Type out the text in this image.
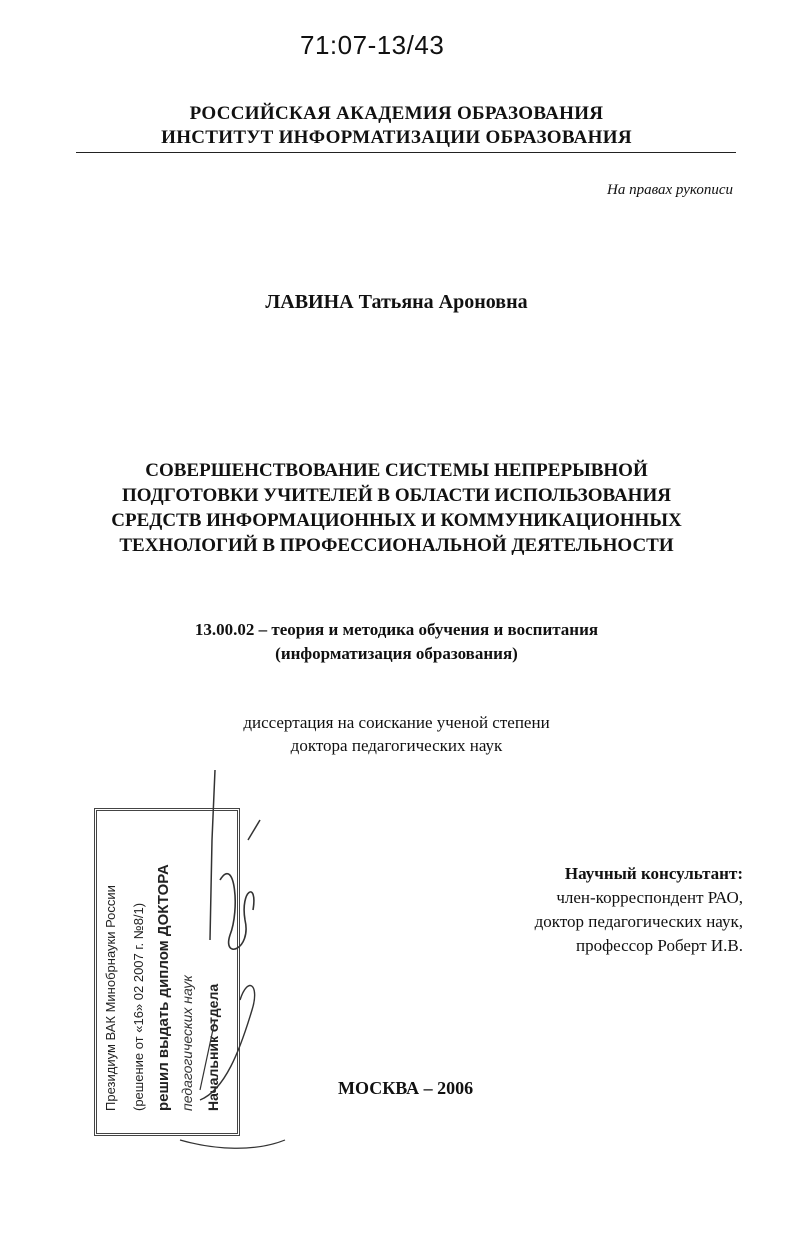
71:07-13/43
РОССИЙСКАЯ АКАДЕМИЯ ОБРАЗОВАНИЯ
ИНСТИТУТ ИНФОРМАТИЗАЦИИ ОБРАЗОВАНИЯ
На правах рукописи
ЛАВИНА Татьяна Ароновна
СОВЕРШЕНСТВОВАНИЕ СИСТЕМЫ НЕПРЕРЫВНОЙ
ПОДГОТОВКИ УЧИТЕЛЕЙ В ОБЛАСТИ ИСПОЛЬЗОВАНИЯ
СРЕДСТВ ИНФОРМАЦИОННЫХ И КОММУНИКАЦИОННЫХ
ТЕХНОЛОГИЙ В ПРОФЕССИОНАЛЬНОЙ ДЕЯТЕЛЬНОСТИ
13.00.02 – теория и методика обучения и воспитания
(информатизация образования)
диссертация на соискание ученой степени
доктора педагогических наук
Научный консультант:
член-корреспондент РАО,
доктор педагогических наук,
профессор Роберт И.В.
МОСКВА – 2006
Президиум ВАК Минобрнауки России (решение от «16» 02 2007 г. №8/1) решил выдать диплом ДОКТОРА педагогических наук Начальник отдела
